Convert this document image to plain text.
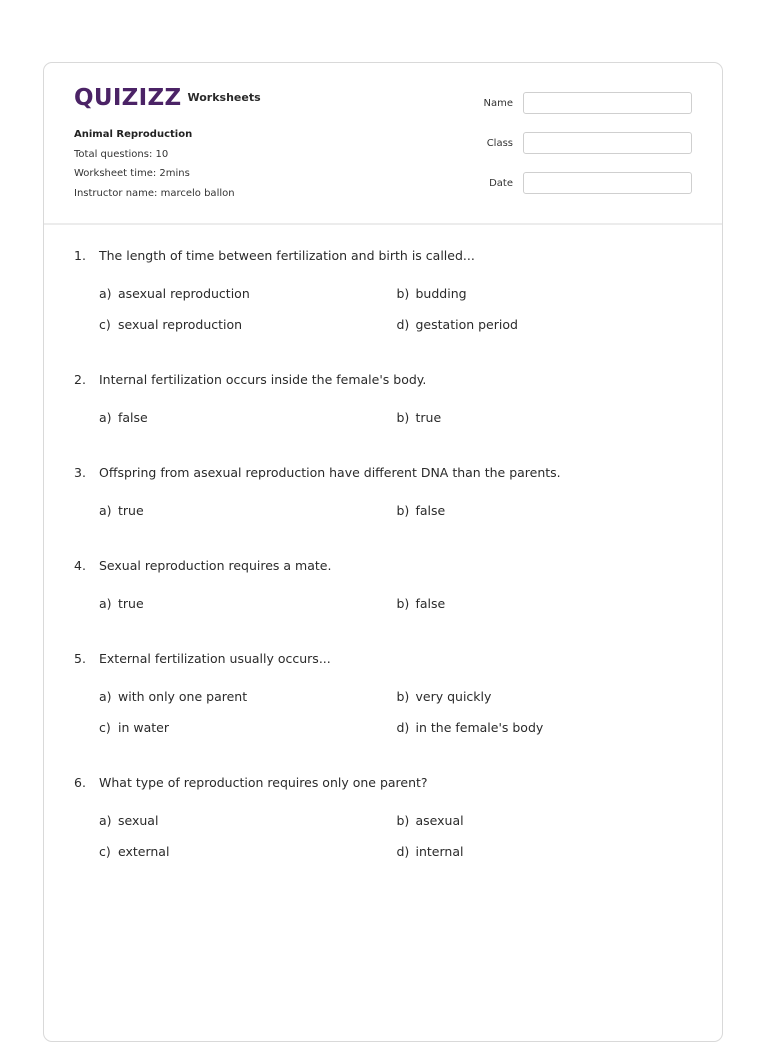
QUIZIZZ Worksheets
Animal Reproduction
Total questions: 10
Worksheet time: 2mins
Instructor name: marcelo ballon
Name
Class
Date
1.	The length of time between fertilization and birth is called...
a) asexual reproduction	b) budding
c) sexual reproduction	d) gestation period
2.	Internal fertilization occurs inside the female's body.
a) false	b) true
3.	Offspring from asexual reproduction have different DNA than the parents.
a) true	b) false
4.	Sexual reproduction requires a mate.
a) true	b) false
5.	External fertilization usually occurs...
a) with only one parent	b) very quickly
c) in water	d) in the female's body
6.	What type of reproduction requires only one parent?
a) sexual	b) asexual
c) external	d) internal
